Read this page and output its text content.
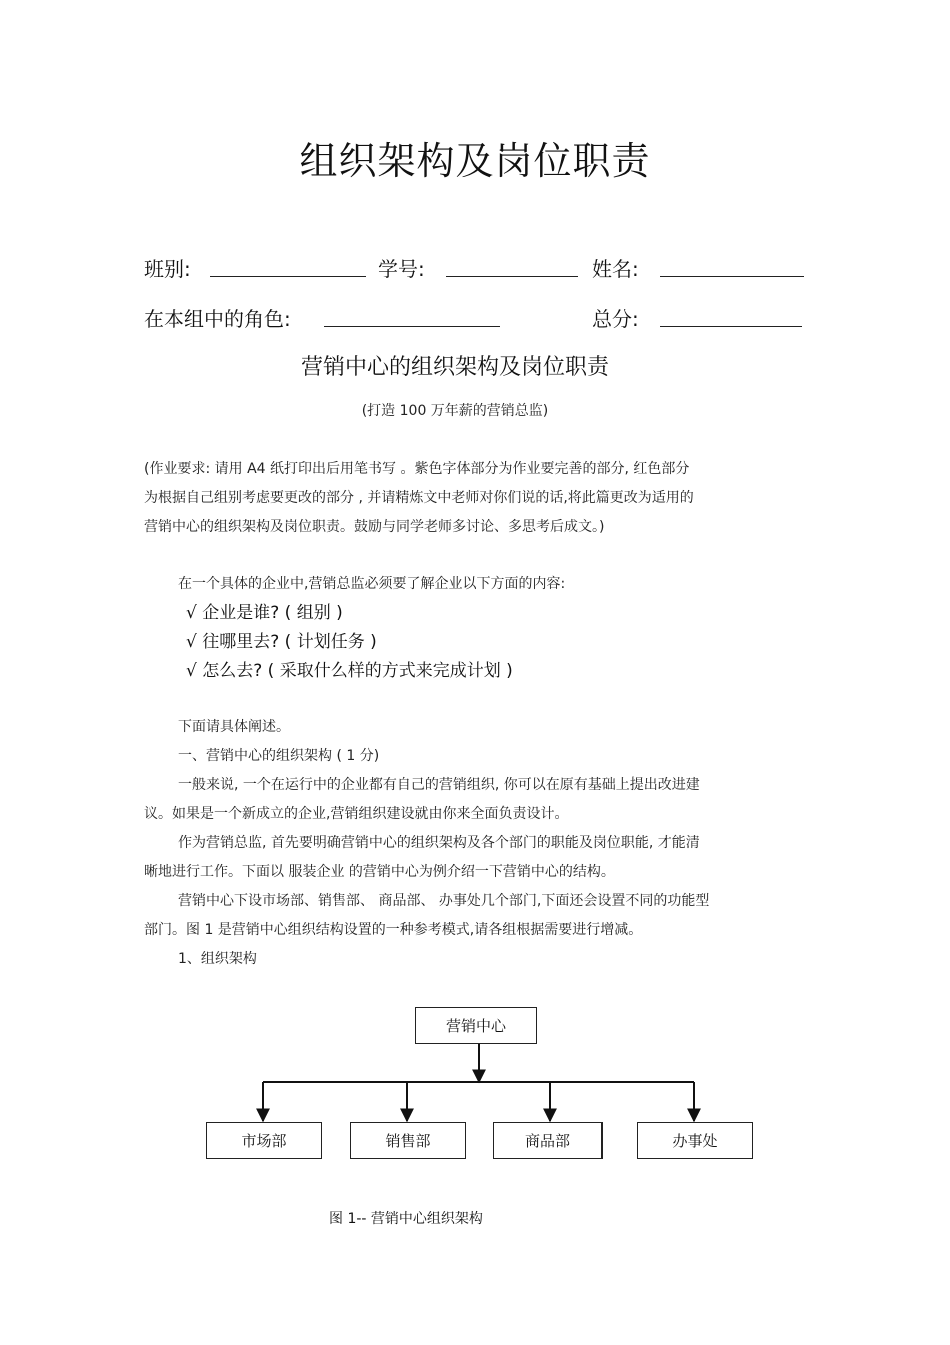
组织架构及岗位职责
班别:	学号:	姓名:
在本组中的角色:	总分:
营销中心的组织架构及岗位职责
(打造 100 万年薪的营销总监)
(作业要求: 请用 A4 纸打印出后用笔书写 。紫色字体部分为作业要完善的部分, 红色部分
为根据自己组别考虑要更改的部分 , 并请精炼文中老师对你们说的话,将此篇更改为适用的
营销中心的组织架构及岗位职责。鼓励与同学老师多讨论、多思考后成文。)
在一个具体的企业中,营销总监必须要了解企业以下方面的内容:
√ 企业是谁? ( 组别 )
√ 往哪里去? ( 计划任务 )
√ 怎么去? ( 采取什么样的方式来完成计划 )
下面请具体阐述。
一、营销中心的组织架构 ( 1 分)
一般来说, 一个在运行中的企业都有自己的营销组织, 你可以在原有基础上提出改进建
议。如果是一个新成立的企业,营销组织建设就由你来全面负责设计。
作为营销总监, 首先要明确营销中心的组织架构及各个部门的职能及岗位职能, 才能清
晰地进行工作。下面以 服装企业 的营销中心为例介绍一下营销中心的结构。
营销中心下设市场部、销售部、 商品部、 办事处几个部门,下面还会设置不同的功能型
部门。图 1 是营销中心组织结构设置的一种参考模式,请各组根据需要进行增减。
1、组织架构
营销中心
市场部	销售部	商品部	办事处
图 1-- 营销中心组织架构
